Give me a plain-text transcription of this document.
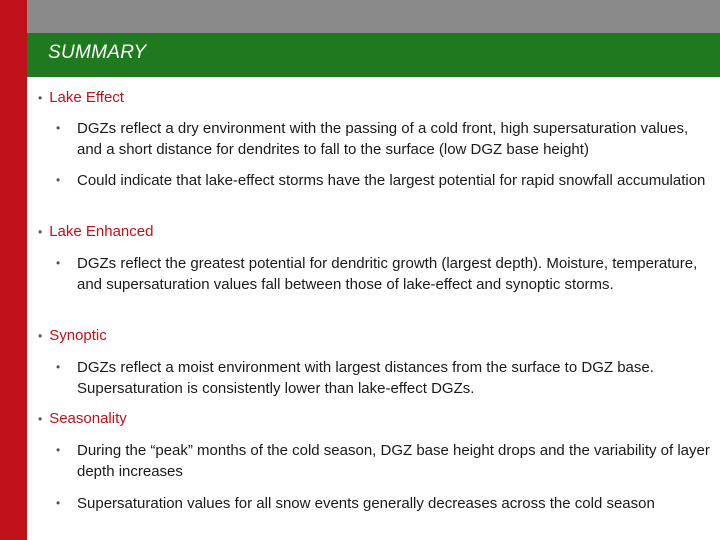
SUMMARY
• Lake Effect
• DGZs reflect a dry environment with the passing of a cold front, high supersaturation values, and a short distance for dendrites to fall to the surface (low DGZ base height)
• Could indicate that lake-effect storms have the largest potential for rapid snowfall accumulation
• Lake Enhanced
• DGZs reflect the greatest potential for dendritic growth (largest depth). Moisture, temperature, and supersaturation values fall between those of lake-effect and synoptic storms.
• Synoptic
• DGZs reflect a moist environment with largest distances from the surface to DGZ base. Supersaturation is consistently lower than lake-effect DGZs.
• Seasonality
• During the “peak” months of the cold season, DGZ base height drops and the variability of layer depth increases
• Supersaturation values for all snow events generally decreases across the cold season
